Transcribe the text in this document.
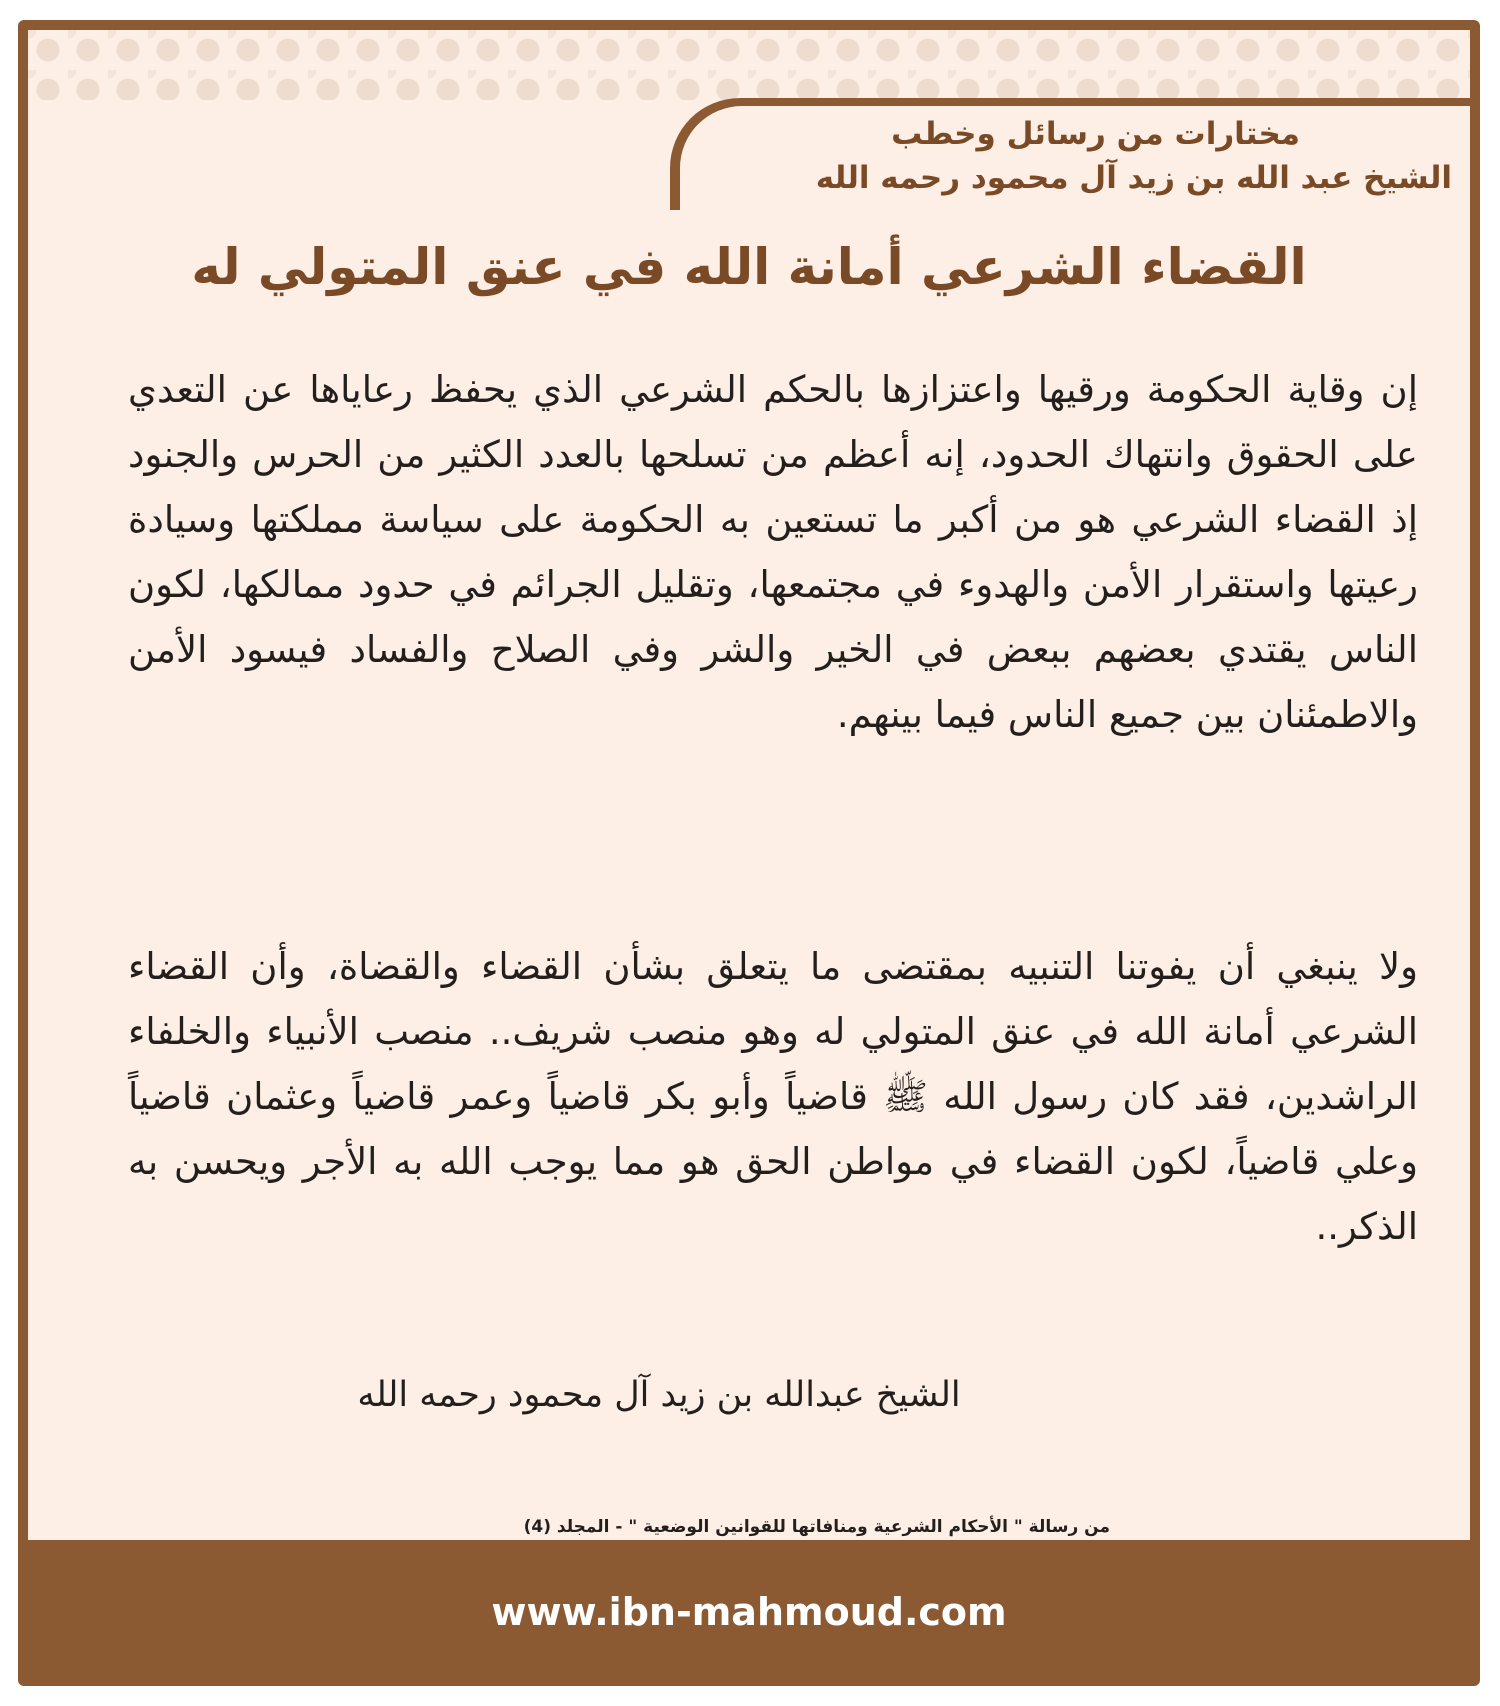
مختارات من رسائل وخطب
الشيخ عبد الله بن زيد آل محمود رحمه الله
القضاء الشرعي أمانة الله في عنق المتولي له
إن وقاية الحكومة ورقيها واعتزازها بالحكم الشرعي الذي يحفظ رعاياها عن التعدي على الحقوق وانتهاك الحدود، إنه أعظم من تسلحها بالعدد الكثير من الحرس والجنود إذ القضاء الشرعي هو من أكبر ما تستعين به الحكومة على سياسة مملكتها وسيادة رعيتها واستقرار الأمن والهدوء في مجتمعها، وتقليل الجرائم في حدود ممالكها، لكون الناس يقتدي بعضهم ببعض في الخير والشر وفي الصلاح والفساد فيسود الأمن والاطمئنان بين جميع الناس فيما بينهم.
ولا ينبغي أن يفوتنا التنبيه بمقتضى ما يتعلق بشأن القضاء والقضاة، وأن القضاء الشرعي أمانة الله في عنق المتولي له وهو منصب شريف.. منصب الأنبياء والخلفاء الراشدين، فقد كان رسول الله ﷺ قاضياً وأبو بكر قاضياً وعمر قاضياً وعثمان قاضياً وعلي قاضياً، لكون القضاء في مواطن الحق هو مما يوجب الله به الأجر ويحسن به الذكر..
الشيخ عبدالله بن زيد آل محمود رحمه الله
من رسالة " الأحكام الشرعية ومنافاتها للقوانين الوضعية " - المجلد (4)
www.ibn-mahmoud.com
